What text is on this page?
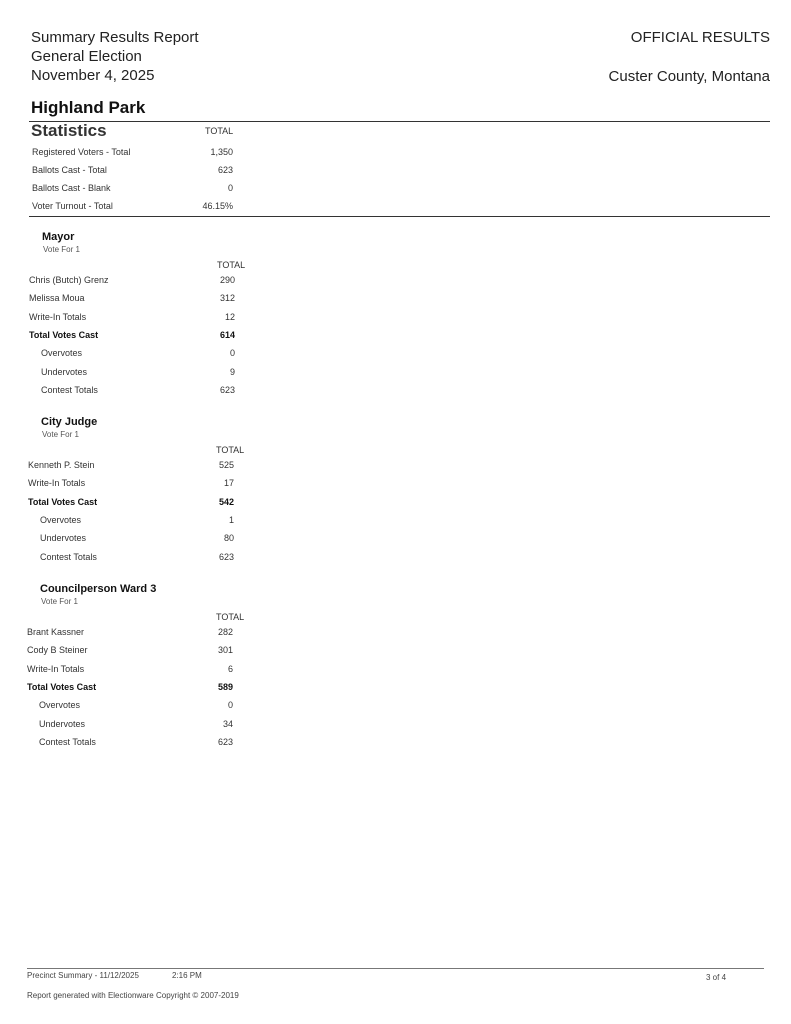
Summary Results Report
General Election
November 4, 2025
OFFICIAL RESULTS
Custer County, Montana
Highland Park
Statistics	TOTAL
Registered Voters - Total	1,350
Ballots Cast - Total	623
Ballots Cast - Blank	0
Voter Turnout - Total	46.15%
Mayor
Vote For 1
TOTAL
Chris (Butch) Grenz	290
Melissa Moua	312
Write-In Totals	12
Total Votes Cast	614
Overvotes	0
Undervotes	9
Contest Totals	623
City Judge
Vote For 1
TOTAL
Kenneth P. Stein	525
Write-In Totals	17
Total Votes Cast	542
Overvotes	1
Undervotes	80
Contest Totals	623
Councilperson Ward 3
Vote For 1
TOTAL
Brant Kassner	282
Cody B Steiner	301
Write-In Totals	6
Total Votes Cast	589
Overvotes	0
Undervotes	34
Contest Totals	623
Precinct Summary - 11/12/2025	2:16 PM	3 of 4
Report generated with Electionware Copyright © 2007-2019
